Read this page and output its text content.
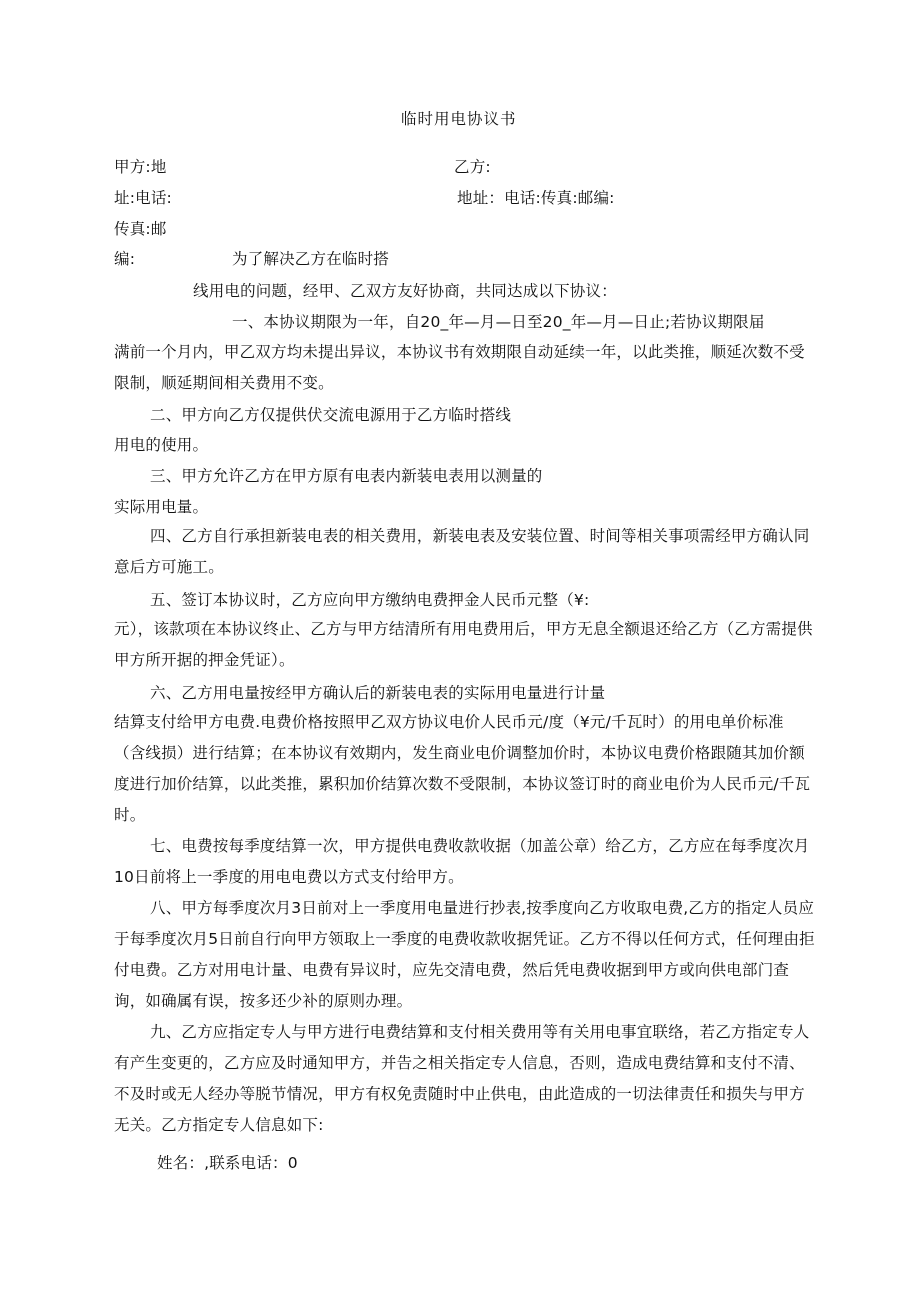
临时用电协议书

甲方:地	乙方:

址:电话:	地址：电话:传真:邮编:

传真:邮

编:	为了解决乙方在临时搭

线用电的问题，经甲、乙双方友好协商，共同达成以下协议：

一、本协议期限为一年，自20_年—月—日至20_年—月—日止;若协议期限届

满前一个月内，甲乙双方均未提出异议，本协议书有效期限自动延续一年，以此类推，顺延次数不受限制，顺延期间相关费用不变。

二、甲方向乙方仅提供伏交流电源用于乙方临时搭线

用电的使用。

三、甲方允许乙方在甲方原有电表内新装电表用以测量的

实际用电量。

四、乙方自行承担新装电表的相关费用，新装电表及安装位置、时间等相关事项需经甲方确认同意后方可施工。

五、签订本协议时，乙方应向甲方缴纳电费押金人民币元整（¥:

元），该款项在本协议终止、乙方与甲方结清所有用电费用后，甲方无息全额退还给乙方（乙方需提供甲方所开据的押金凭证）。

六、乙方用电量按经甲方确认后的新装电表的实际用电量进行计量

结算支付给甲方电费.电费价格按照甲乙双方协议电价人民币元/度（¥元/千瓦时）的用电单价标准（含线损）进行结算；在本协议有效期内，发生商业电价调整加价时，本协议电费价格跟随其加价额度进行加价结算，以此类推，累积加价结算次数不受限制，本协议签订时的商业电价为人民币元/千瓦时。

七、电费按每季度结算一次，甲方提供电费收款收据（加盖公章）给乙方，乙方应在每季度次月10日前将上一季度的用电电费以方式支付给甲方。

八、甲方每季度次月3日前对上一季度用电量进行抄表,按季度向乙方收取电费,乙方的指定人员应于每季度次月5日前自行向甲方领取上一季度的电费收款收据凭证。乙方不得以任何方式，任何理由拒付电费。乙方对用电计量、电费有异议时，应先交清电费，然后凭电费收据到甲方或向供电部门查询，如确属有误，按多还少补的原则办理。

九、乙方应指定专人与甲方进行电费结算和支付相关费用等有关用电事宜联络，若乙方指定专人有产生变更的，乙方应及时通知甲方，并告之相关指定专人信息，否则，造成电费结算和支付不清、不及时或无人经办等脱节情况，甲方有权免责随时中止供电，由此造成的一切法律责任和损失与甲方无关。乙方指定专人信息如下:

姓名：,联系电话：0
